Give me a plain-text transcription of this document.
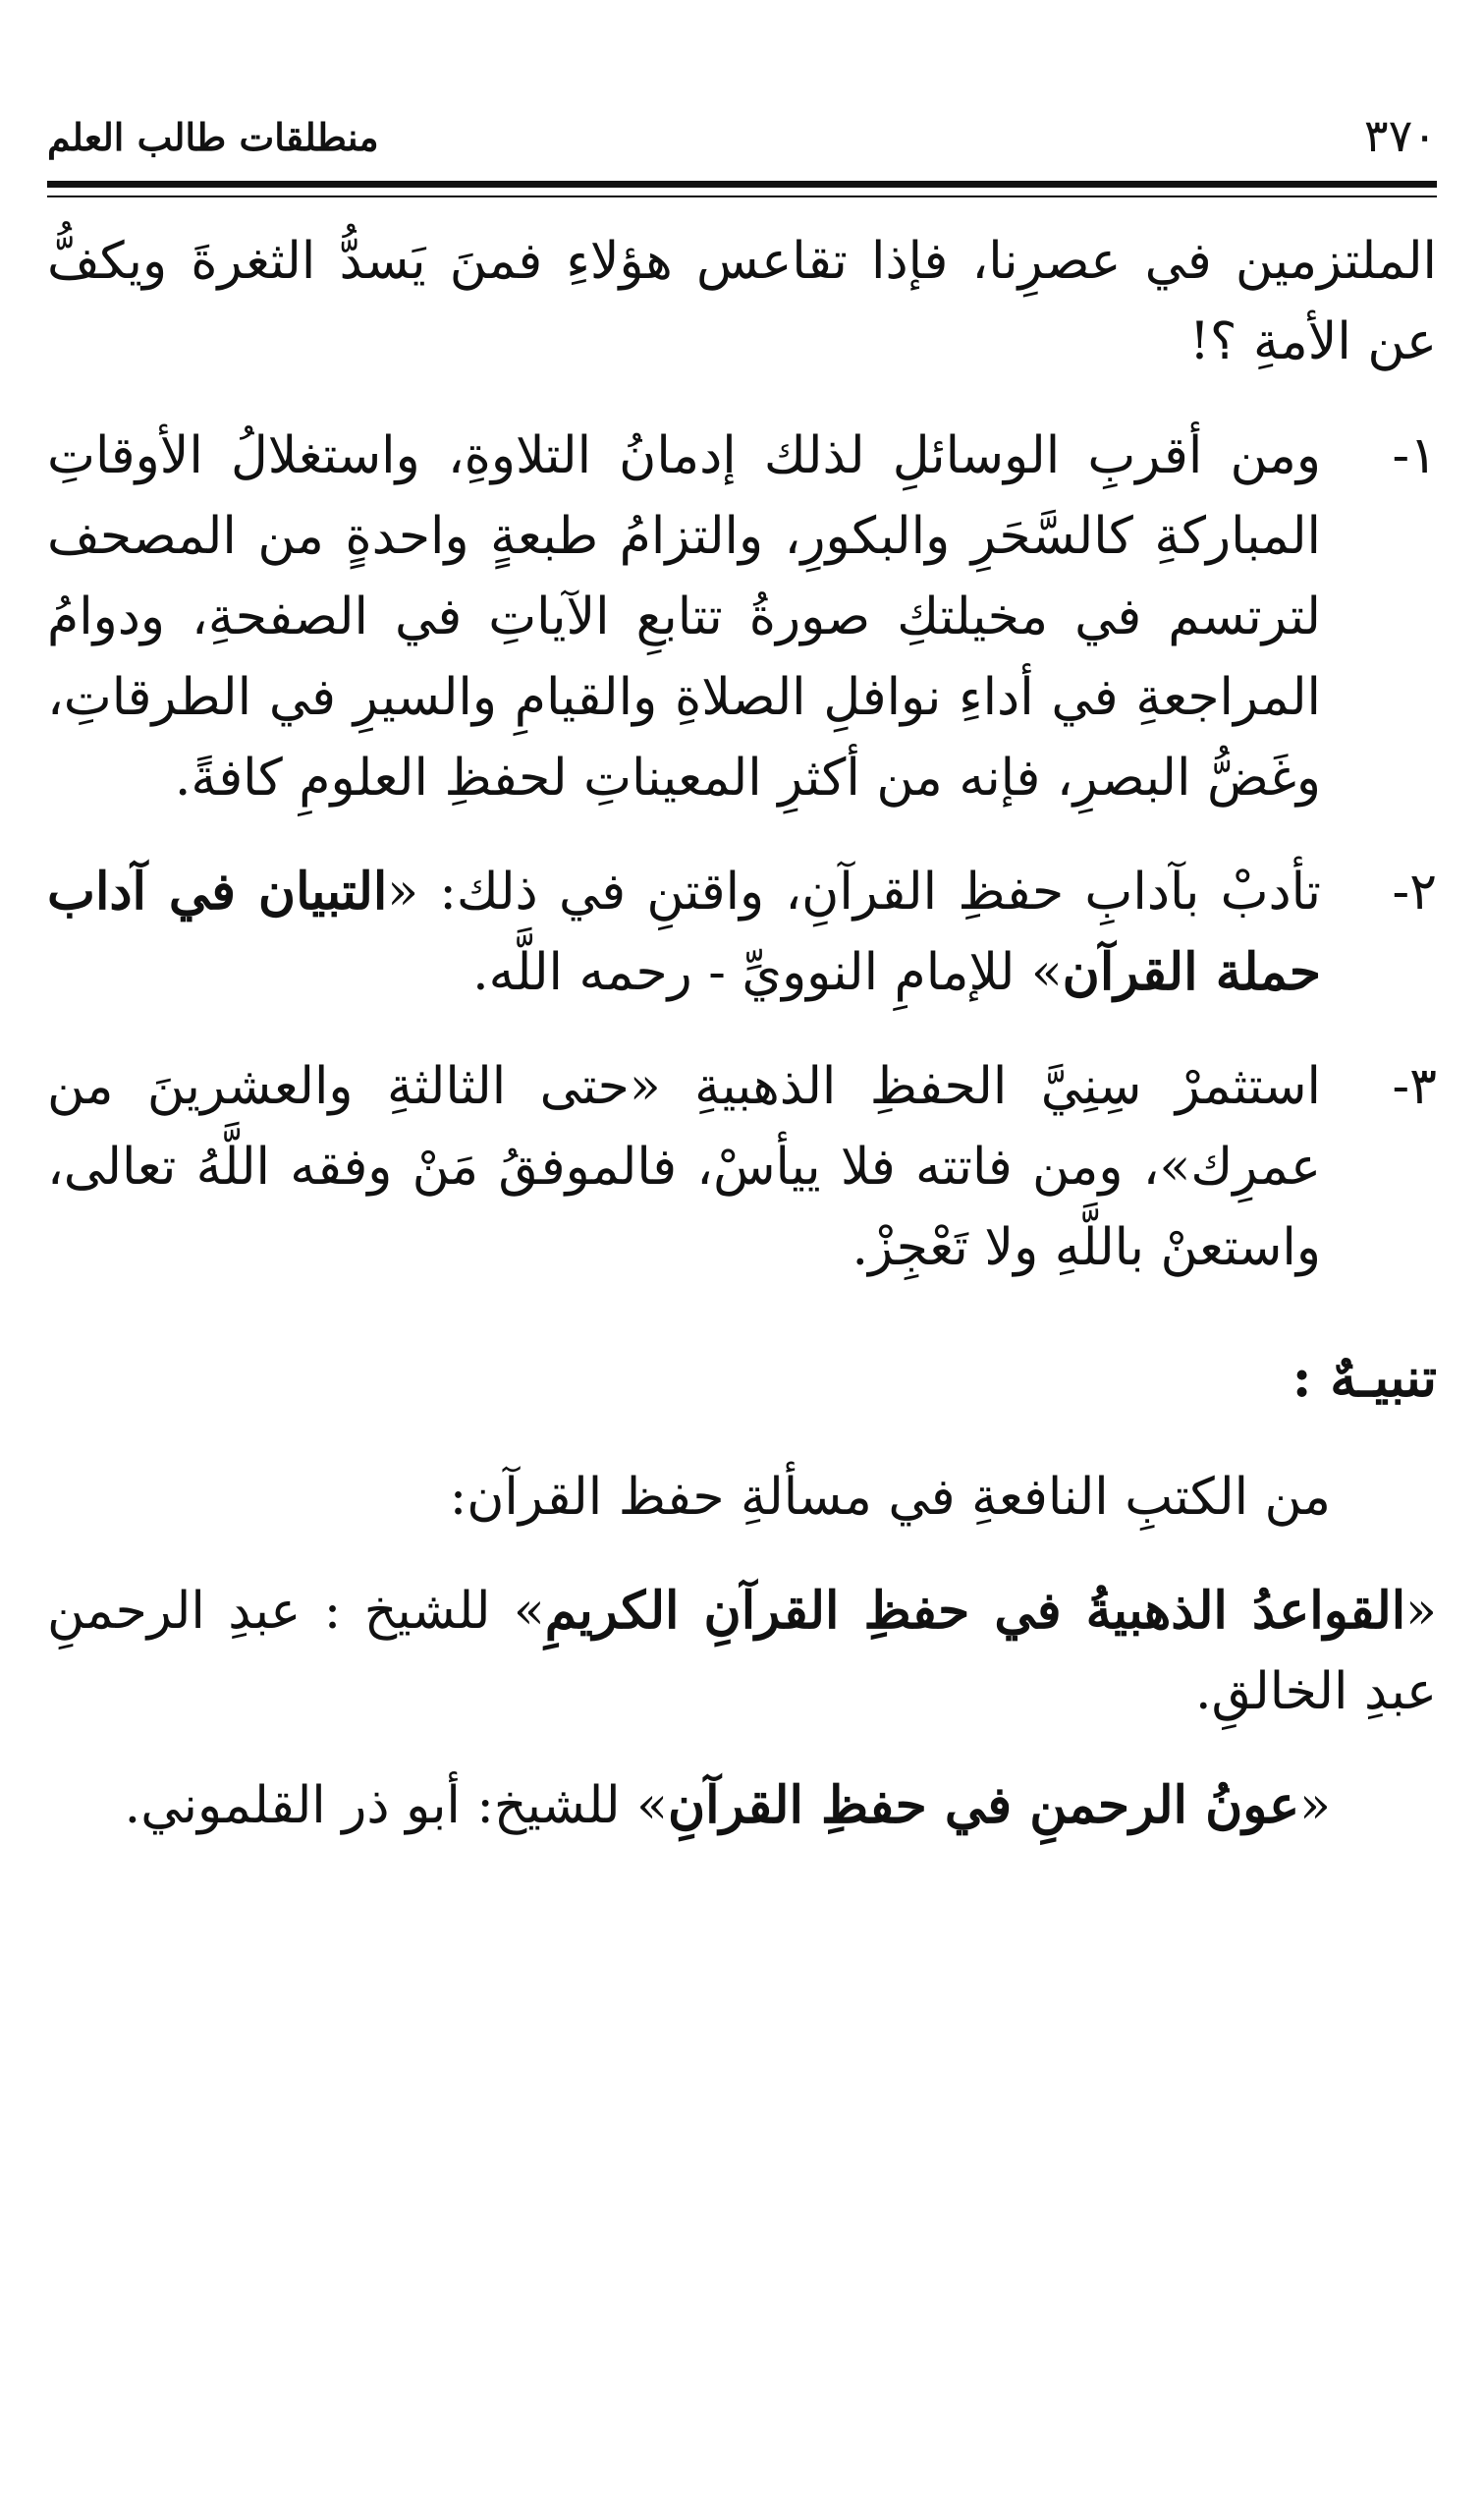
٣٧٠
منطلقات طالب العلم

الملتزمين في عصرِنا، فإذا تقاعس هؤلاءِ فمنَ يَسدُّ الثغرةَ ويكفُّ عن الأمةِ ؟!

١-
ومن أقربِ الوسائلِ لذلك إدمانُ التلاوةِ، واستغلالُ الأوقاتِ المباركةِ كالسَّحَرِ والبكورِ، والتزامُ طبعةٍ واحدةٍ من المصحف لترتسم في مخيلتكِ صورةُ تتابعِ الآياتِ في الصفحةِ، ودوامُ المراجعةِ في أداءِ نوافلِ الصلاةِ والقيامِ والسيرِ في الطرقاتِ، وغَضُّ البصرِ، فإنه من أكثرِ المعيناتِ لحفظِ العلومِ كافةً.
٢-
تأدبْ بآدابِ حفظِ القرآنِ، واقتنِ في ذلك: «التبيان في آداب حملة القرآن» للإمامِ النوويِّ - رحمه اللَّه.
٣-
استثمرْ سِنِيَّ الحفظِ الذهبيةِ «حتى الثالثةِ والعشرينَ من عمرِك»، ومن فاتته فلا ييأسْ، فالموفقُ مَنْ وفقه اللَّهُ تعالى، واستعنْ باللَّهِ ولا تَعْجِزْ.
تنبيـهٌ :

من الكتبِ النافعةِ في مسألةِ حفظ القرآن:

«القواعدُ الذهبيةُ في حفظِ القرآنِ الكريمِ» للشيخ : عبدِ الرحمنِ عبدِ الخالقِ.

«عونُ الرحمنِ في حفظِ القرآنِ» للشيخ: أبو ذر القلموني.
